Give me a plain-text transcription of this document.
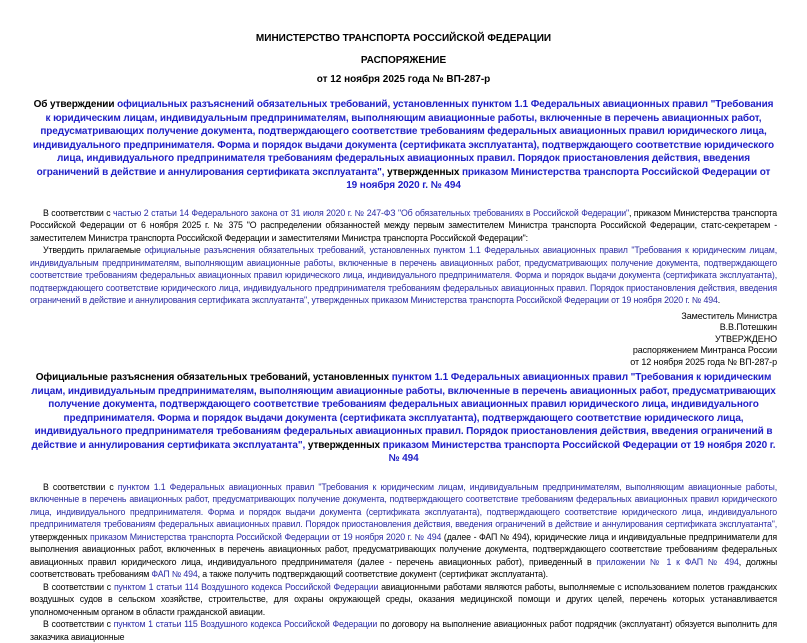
МИНИСТЕРСТВО ТРАНСПОРТА РОССИЙСКОЙ ФЕДЕРАЦИИ
РАСПОРЯЖЕНИЕ
от 12 ноября 2025 года № ВП-287-р
Об утверждении официальных разъяснений обязательных требований, установленных пунктом 1.1 Федеральных авиационных правил "Требования к юридическим лицам, индивидуальным предпринимателям, выполняющим авиационные работы, включенные в перечень авиационных работ, предусматривающих получение документа, подтверждающего соответствие требованиям федеральных авиационных правил юридического лица, индивидуального предпринимателя. Форма и порядок выдачи документа (сертификата эксплуатанта), подтверждающего соответствие юридического лица, индивидуального предпринимателя требованиям федеральных авиационных правил. Порядок приостановления действия, введения ограничений в действие и аннулирования сертификата эксплуатанта", утвержденных приказом Министерства транспорта Российской Федерации от 19 ноября 2020 г. № 494

В соответствии с частью 2 статьи 14 Федерального закона от 31 июля 2020 г. № 247-ФЗ "Об обязательных требованиях в Российской Федерации", приказом Министерства транспорта Российской Федерации от 6 ноября 2025 г. № 375 "О распределении обязанностей между первым заместителем Министра транспорта Российской Федерации, статс-секретарем - заместителем Министра транспорта Российской Федерации и заместителями Министра транспорта Российской Федерации":

Утвердить прилагаемые официальные разъяснения обязательных требований, установленных пунктом 1.1 Федеральных авиационных правил "Требования к юридическим лицам, индивидуальным предпринимателям, выполняющим авиационные работы, включенные в перечень авиационных работ, предусматривающих получение документа, подтверждающего соответствие требованиям федеральных авиационных правил юридического лица, индивидуального предпринимателя. Форма и порядок выдачи документа (сертификата эксплуатанта), подтверждающего соответствие юридического лица, индивидуального предпринимателя требованиям федеральных авиационных правил. Порядок приостановления действия, введения ограничений в действие и аннулирования сертификата эксплуатанта", утвержденных приказом Министерства транспорта Российской Федерации от 19 ноября 2020 г. № 494.

Заместитель Министра
В.В.Потешкин
УТВЕРЖДЕНО
распоряжением Минтранса России
от 12 ноября 2025 года № ВП-287-р
Официальные разъяснения обязательных требований, установленных пунктом 1.1 Федеральных авиационных правил "Требования к юридическим лицам, индивидуальным предпринимателям, выполняющим авиационные работы, включенные в перечень авиационных работ, предусматривающих получение документа, подтверждающего соответствие требованиям федеральных авиационных правил юридического лица, индивидуального предпринимателя. Форма и порядок выдачи документа (сертификата эксплуатанта), подтверждающего соответствие юридического лица, индивидуального предпринимателя требованиям федеральных авиационных правил. Порядок приостановления действия, введения ограничений в действие и аннулирования сертификата эксплуатанта", утвержденных приказом Министерства транспорта Российской Федерации от 19 ноября 2020 г. № 494

В соответствии с пунктом 1.1 Федеральных авиационных правил "Требования к юридическим лицам, индивидуальным предпринимателям, выполняющим авиационные работы, включенные в перечень авиационных работ, предусматривающих получение документа, подтверждающего соответствие требованиям федеральных авиационных правил юридического лица, индивидуального предпринимателя. Форма и порядок выдачи документа (сертификата эксплуатанта), подтверждающего соответствие юридического лица, индивидуального предпринимателя требованиям федеральных авиационных правил. Порядок приостановления действия, введения ограничений в действие и аннулирования сертификата эксплуатанта", утвержденных приказом Министерства транспорта Российской Федерации от 19 ноября 2020 г. № 494 (далее - ФАП № 494), юридические лица и индивидуальные предприниматели для выполнения авиационных работ, включенных в перечень авиационных работ, предусматривающих получение документа, подтверждающего соответствие требованиям федеральных авиационных правил юридического лица, индивидуального предпринимателя (далее - перечень авиационных работ), приведенный в приложении № 1 к ФАП № 494, должны соответствовать требованиям ФАП № 494, а также получить подтверждающий соответствие документ (сертификат эксплуатанта).

В соответствии с пунктом 1 статьи 114 Воздушного кодекса Российской Федерации авиационными работами являются работы, выполняемые с использованием полетов гражданских воздушных судов в сельском хозяйстве, строительстве, для охраны окружающей среды, оказания медицинской помощи и других целей, перечень которых устанавливается уполномоченным органом в области гражданской авиации.

В соответствии с пунктом 1 статьи 115 Воздушного кодекса Российской Федерации по договору на выполнение авиационных работ подрядчик (эксплуатант) обязуется выполнить для заказчика авиационные
